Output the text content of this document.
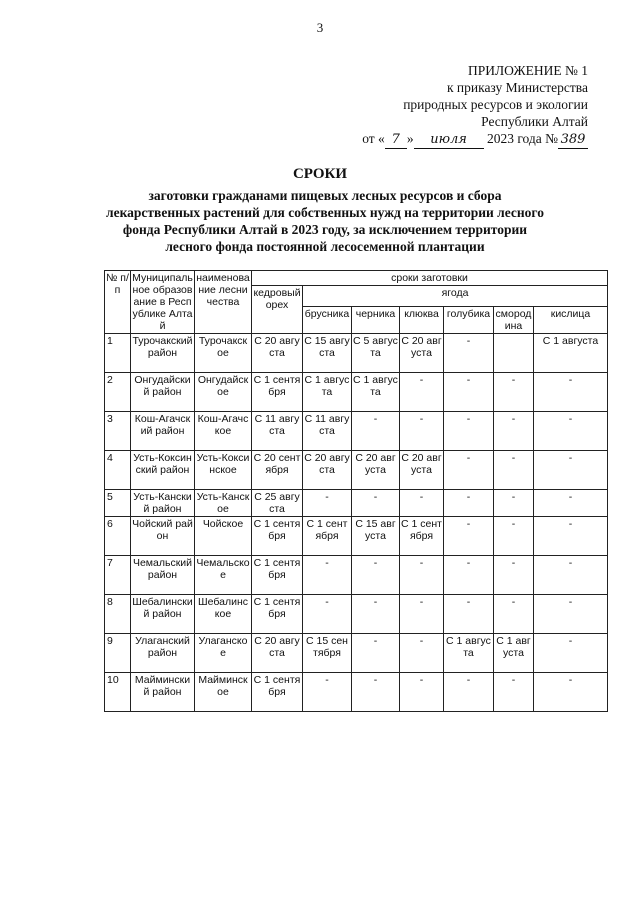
3
ПРИЛОЖЕНИЕ № 1
к приказу Министерства
природных ресурсов и экологии
Республики Алтай
от « 7 » июля 2023 года № 389
СРОКИ
заготовки гражданами пищевых лесных ресурсов и сбора лекарственных растений для собственных нужд на территории лесного фонда Республики Алтай в 2023 году, за исключением территории лесного фонда постоянной лесосеменной плантации
№ п/п	Муниципальное образование в Республике Алтай	наименование лесничества	сроки заготовки						
			кедровый орех	ягода					
				брусника	черника	клюква	голубика	смородина	кислица
1	Турочакский район	Турочакское	С 20 августа	С 15 августа	С 5 августа	С 20 августа	-		С 1 августа
2	Онгудайский район	Онгудайское	С 1 сентября	С 1 августа	С 1 августа	-	-	-	-
3	Кош-Агачский район	Кош-Агачское	С 11 августа	С 11 августа	-	-	-	-	-
4	Усть-Коксинский район	Усть-Коксинское	С 20 сентября	С 20 августа	С 20 августа	С 20 августа	-	-	-
5	Усть-Канский район	Усть-Канское	С 25 августа	-	-	-	-	-	-
6	Чойский район	Чойское	С 1 сентября	С 1 сентября	С 15 августа	С 1 сентября	-	-	-
7	Чемальский район	Чемальское	С 1 сентября	-	-	-	-	-	-
8	Шебалинский район	Шебалинское	С 1 сентября	-	-	-	-	-	-
9	Улаганский район	Улаганское	С 20 августа	С 15 сентября	-	-	С 1 августа	С 1 августа	-
10	Майминский район	Майминское	С 1 сентября	-	-	-	-	-	-
